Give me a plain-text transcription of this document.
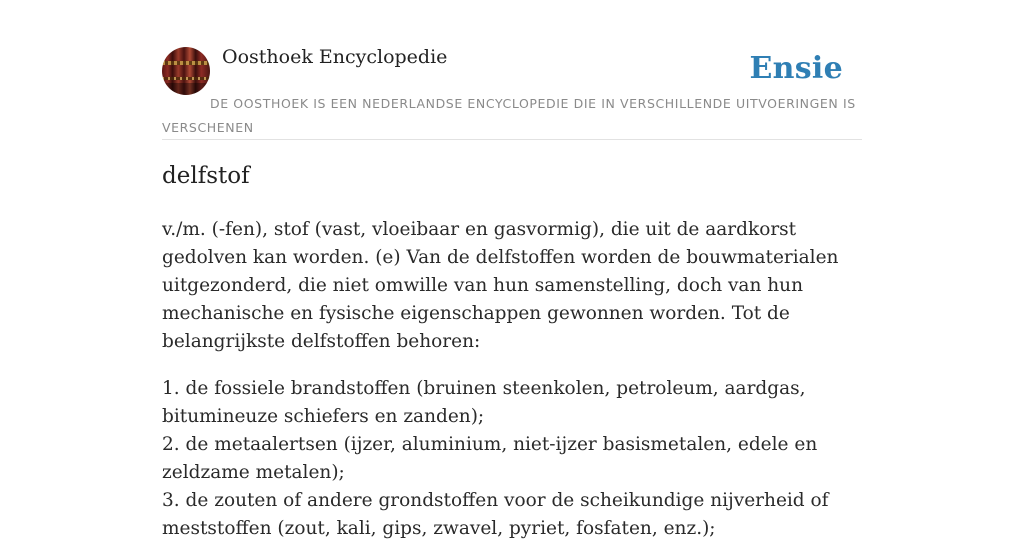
Oosthoek Encyclopedie	Ensie
DE OOSTHOEK IS EEN NEDERLANDSE ENCYCLOPEDIE DIE IN VERSCHILLENDE UITVOERINGEN IS VERSCHENEN
delfstof

v./m. (-fen), stof (vast, vloeibaar en gasvormig), die uit de aardkorst gedolven kan worden. (e) Van de delfstoffen worden de bouwmaterialen uitgezonderd, die niet omwille van hun samenstelling, doch van hun mechanische en fysische eigenschappen gewonnen worden. Tot de belangrijkste delfstoffen behoren:

1. de fossiele brandstoffen (bruinen steenkolen, petroleum, aardgas, bitumineuze schiefers en zanden);
2. de metaalertsen (ijzer, aluminium, niet-ijzer basismetalen, edele en zeldzame metalen);
3. de zouten of andere grondstoffen voor de scheikundige nijverheid of meststoffen (zout, kali, gips, zwavel, pyriet, fosfaten, enz.);
